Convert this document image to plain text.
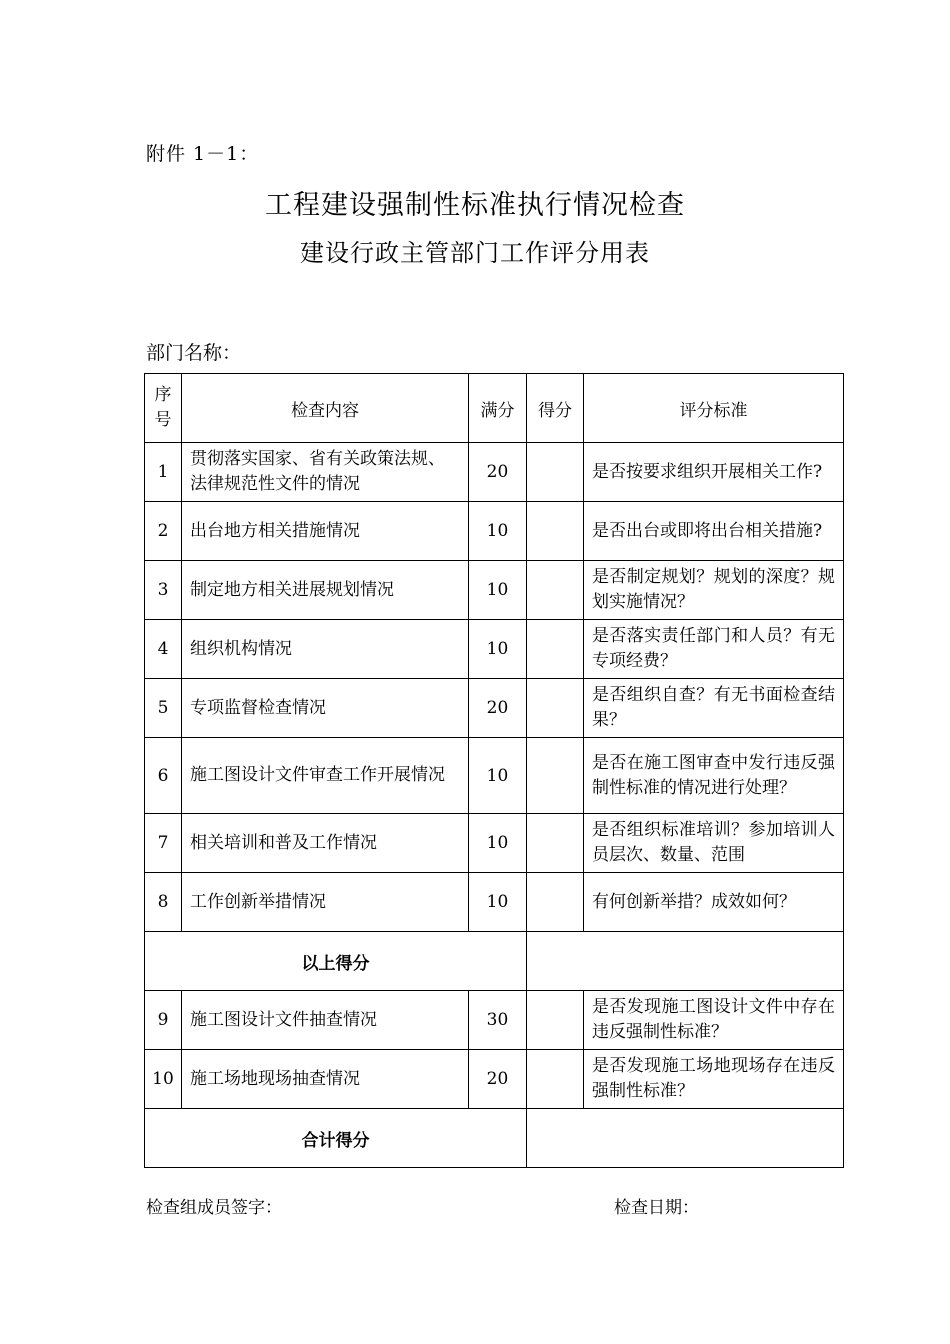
附件 1－1：
工程建设强制性标准执行情况检查
建设行政主管部门工作评分用表
部门名称：
序号	检查内容	满分	得分	评分标准
1	贯彻落实国家、省有关政策法规、法律规范性文件的情况	20		是否按要求组织开展相关工作?
2	出台地方相关措施情况	10		是否出台或即将出台相关措施?
3	制定地方相关进展规划情况	10		是否制定规划？规划的深度？规划实施情况？
4	组织机构情况	10		是否落实责任部门和人员？有无专项经费？
5	专项监督检查情况	20		是否组织自查？有无书面检查结果？
6	施工图设计文件审查工作开展情况	10		是否在施工图审查中发行违反强制性标准的情况进行处理？
7	相关培训和普及工作情况	10		是否组织标准培训？参加培训人员层次、数量、范围
8	工作创新举措情况	10		有何创新举措？成效如何？
以上得分				
9	施工图设计文件抽查情况	30		是否发现施工图设计文件中存在违反强制性标准？
10	施工场地现场抽查情况	20		是否发现施工场地现场存在违反强制性标准？
合计得分				
检查组成员签字：	检查日期：
